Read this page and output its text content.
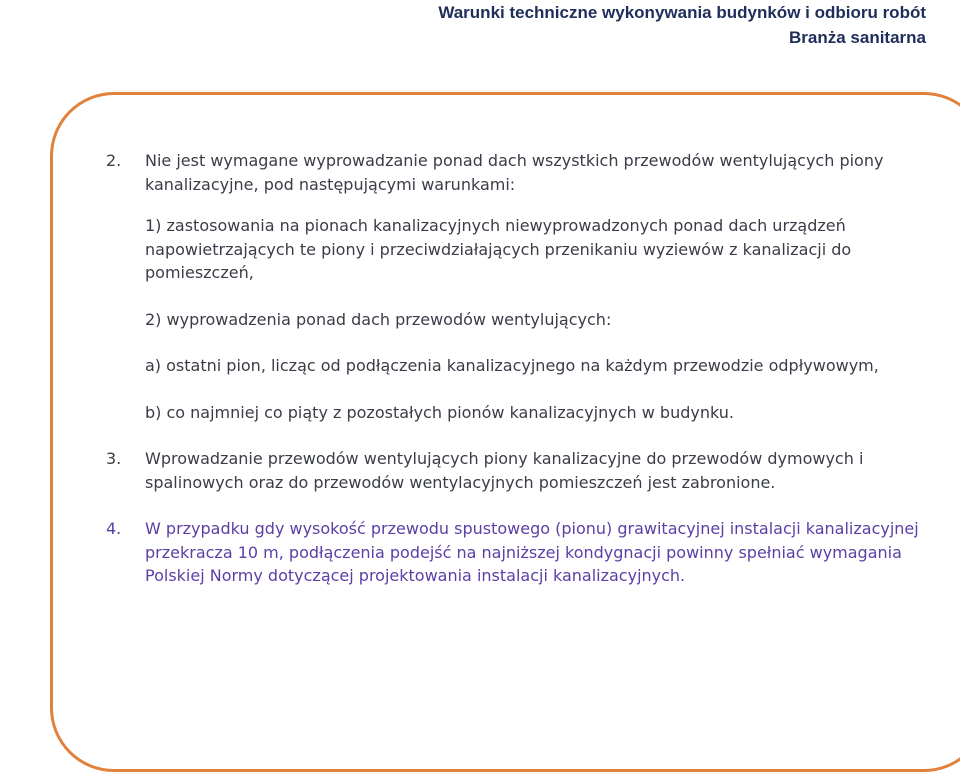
Warunki techniczne wykonywania budynków i odbioru robót
Branża sanitarna
2.	Nie jest wymagane wyprowadzanie ponad dach wszystkich przewodów wentylujących piony kanalizacyjne, pod następującymi warunkami:
1) zastosowania na pionach kanalizacyjnych niewyprowadzonych ponad dach urządzeń napowietrzających te piony i przeciwdziałających przenikaniu wyziewów z kanalizacji do pomieszczeń,
2) wyprowadzenia ponad dach przewodów wentylujących:
a) ostatni pion, licząc od podłączenia kanalizacyjnego na każdym przewodzie odpływowym,
b) co najmniej co piąty z pozostałych pionów kanalizacyjnych w budynku.
3.	Wprowadzanie przewodów wentylujących piony kanalizacyjne do przewodów dymowych i spalinowych oraz do przewodów wentylacyjnych pomieszczeń jest zabronione.
4.	W przypadku gdy wysokość przewodu spustowego (pionu) grawitacyjnej instalacji kanalizacyjnej przekracza 10 m, podłączenia podejść na najniższej kondygnacji powinny spełniać wymagania Polskiej Normy dotyczącej projektowania instalacji kanalizacyjnych.
